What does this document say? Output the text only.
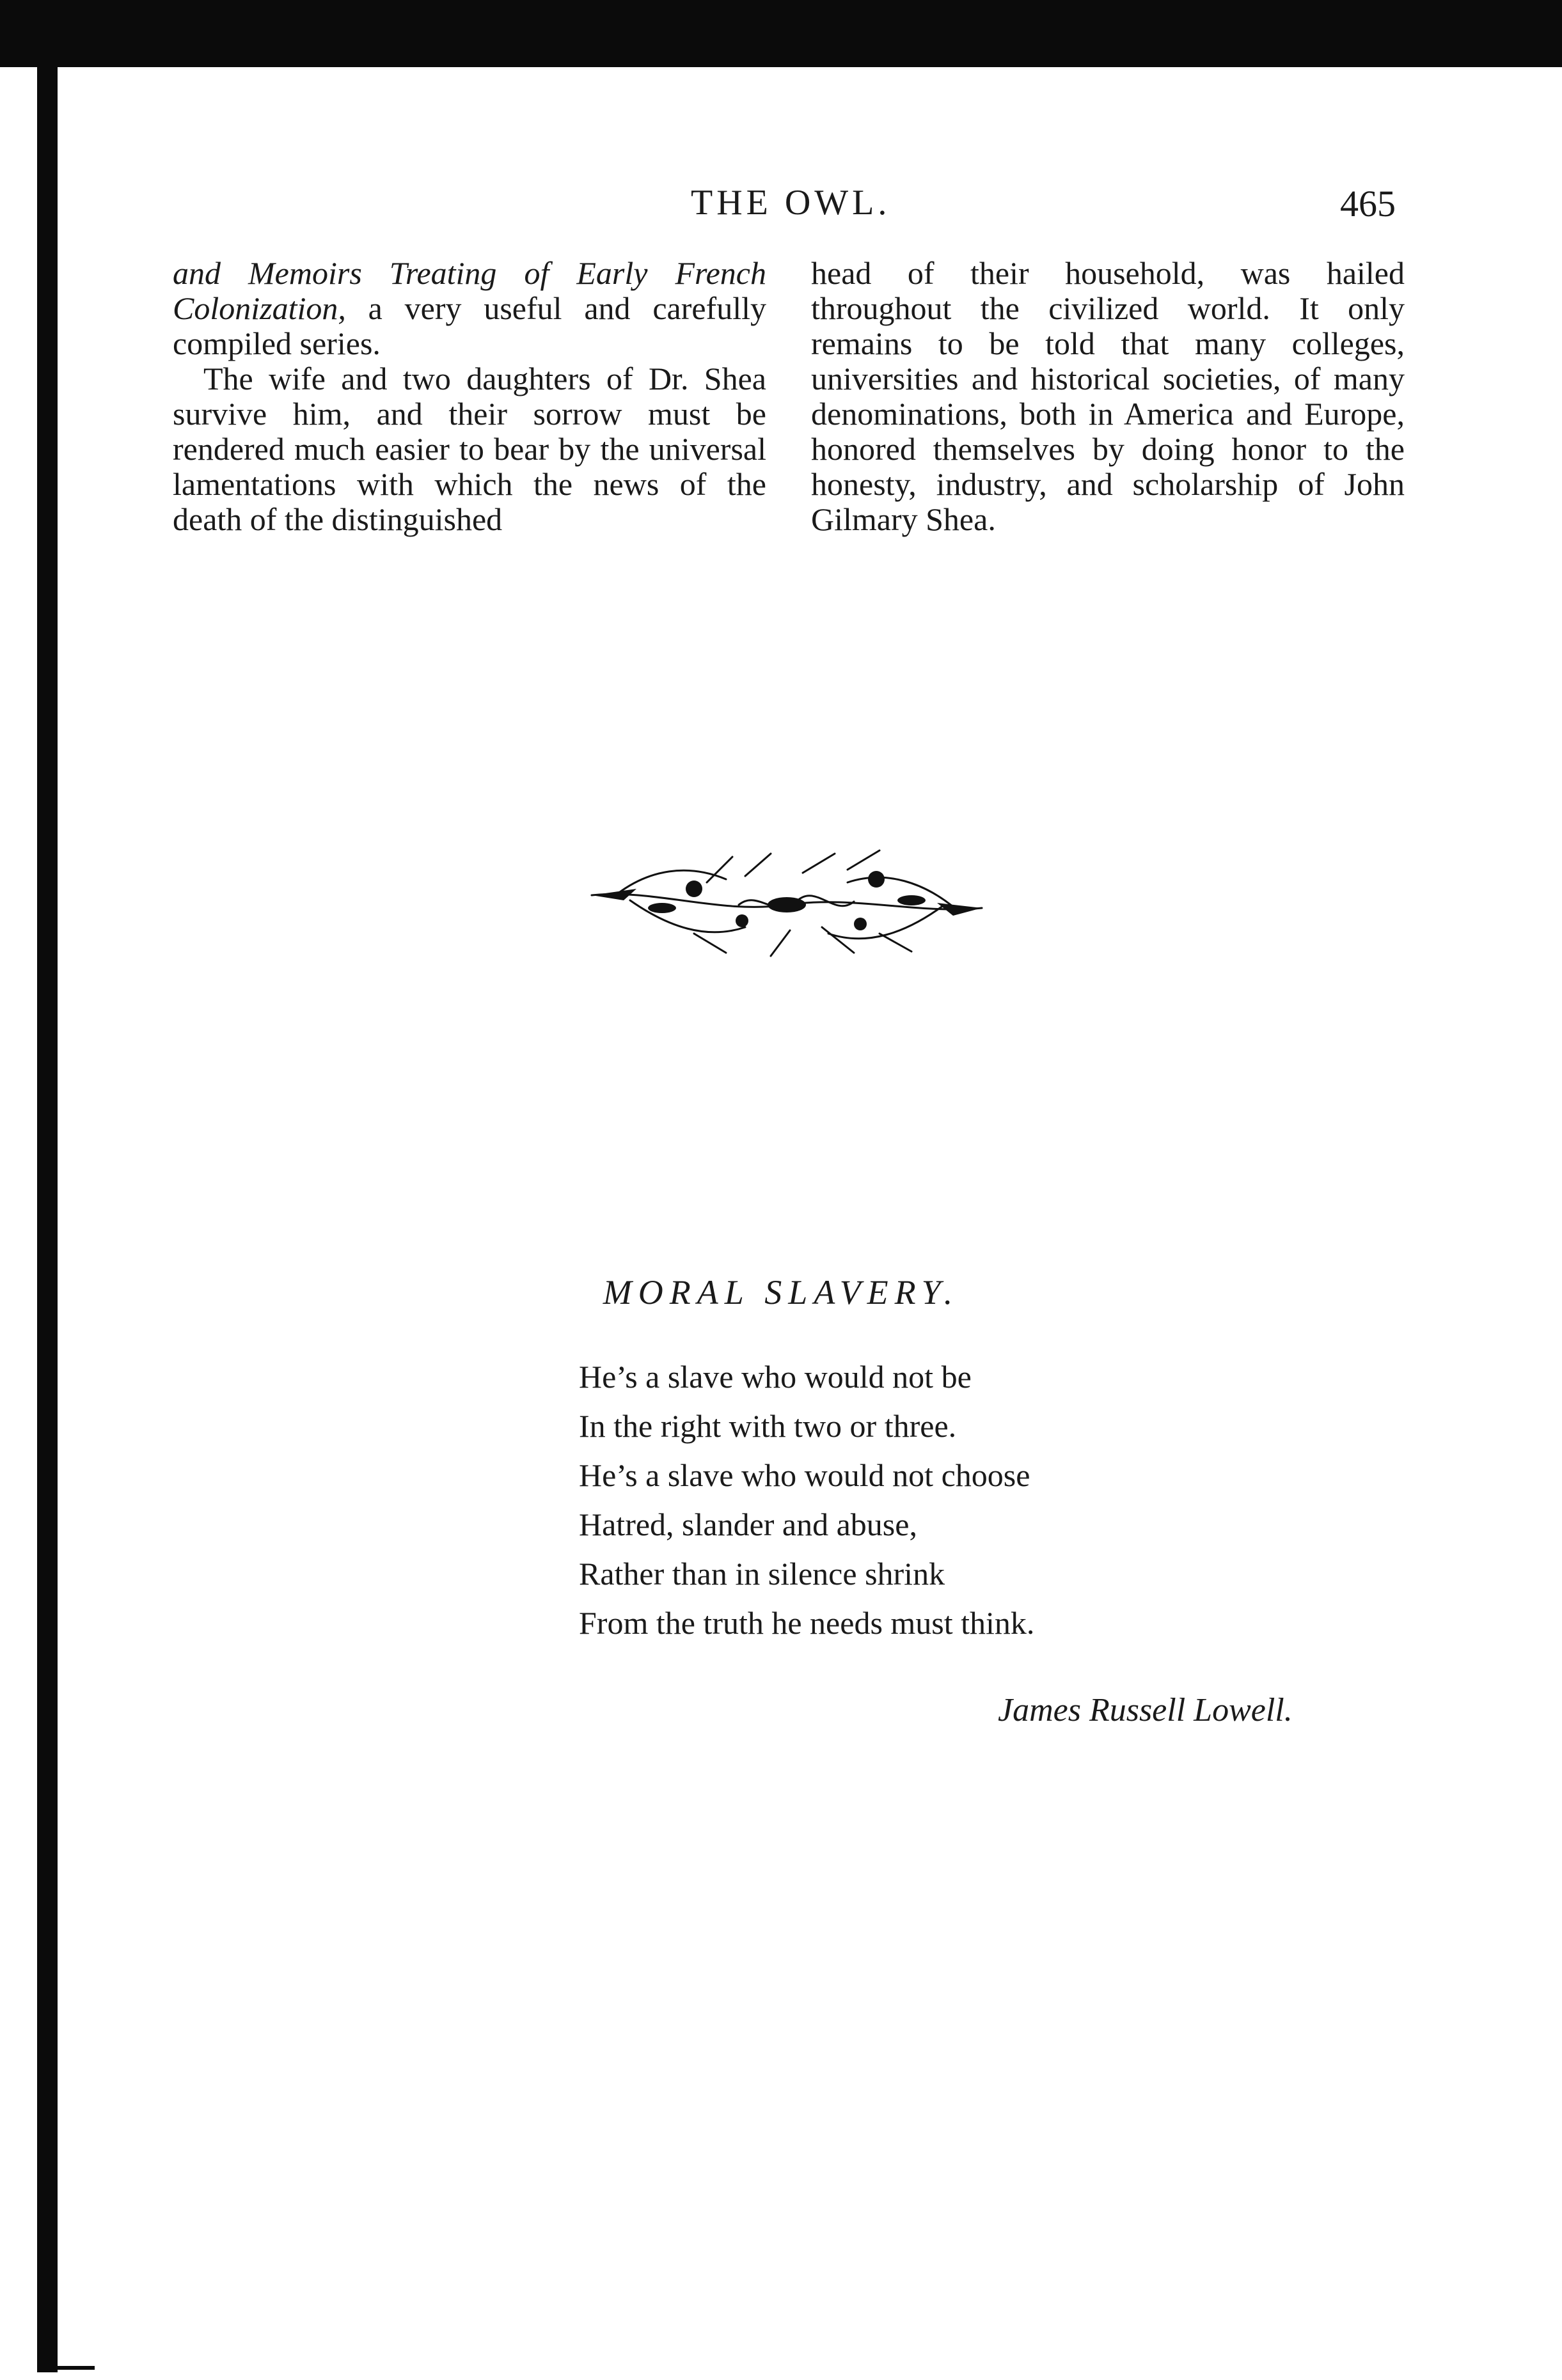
THE OWL.	465

and Memoirs Treating of Early French Colonization, a very useful and carefully compiled series.

The wife and two daughters of Dr. Shea survive him, and their sorrow must be rendered much easier to bear by the universal lamentations with which the news of the death of the distinguished

head of their household, was hailed throughout the civilized world. It only remains to be told that many colleges, universities and historical societies, of many denominations, both in America and Europe, honored themselves by doing honor to the honesty, industry, and scholarship of John Gilmary Shea.

MORAL SLAVERY.
He’s a slave who would not be
In the right with two or three.
He’s a slave who would not choose
Hatred, slander and abuse,
Rather than in silence shrink
From the truth he needs must think.
James Russell Lowell.
